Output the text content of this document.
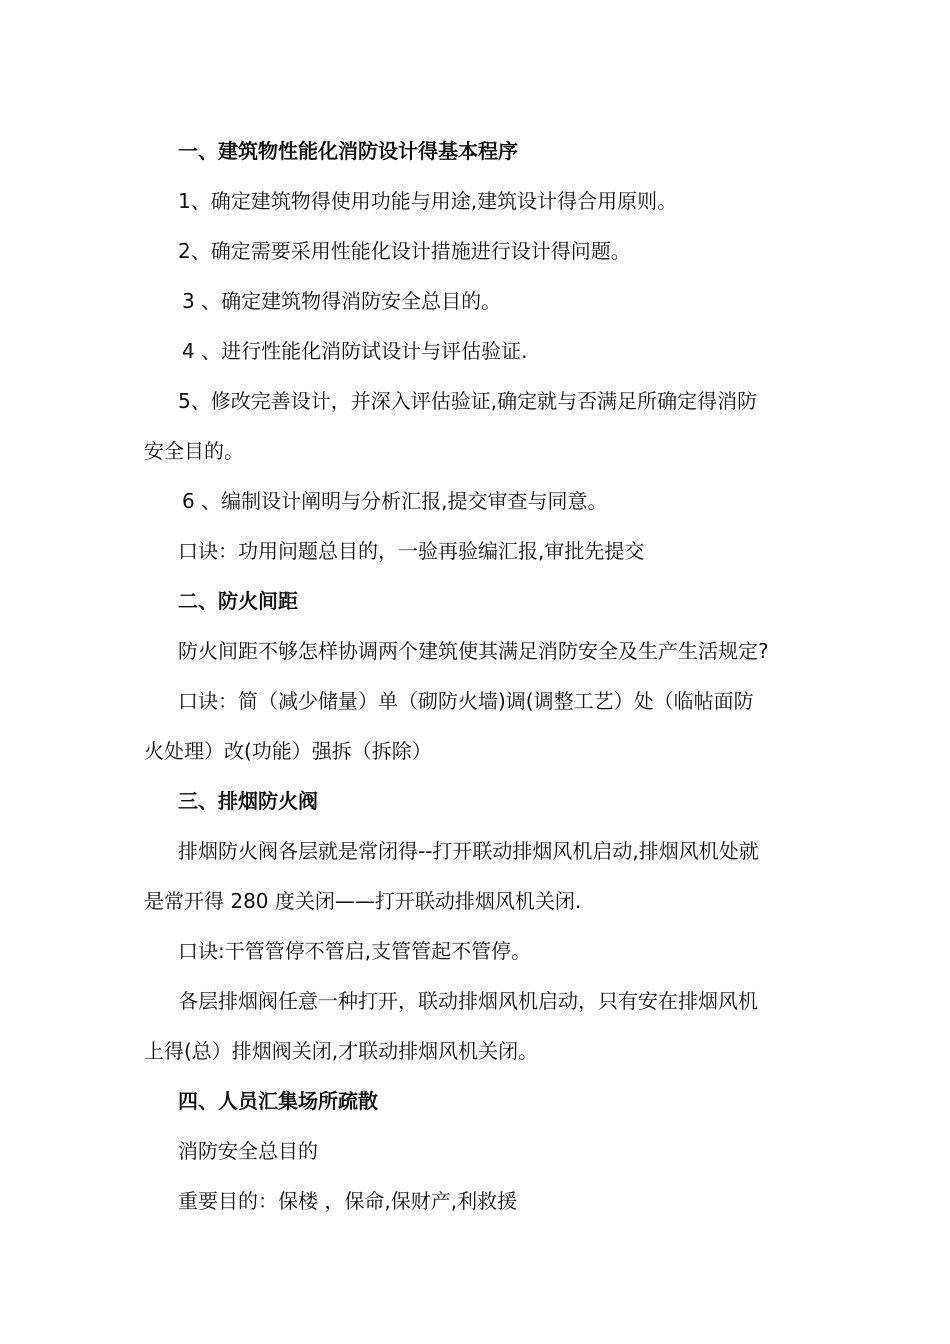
一、建筑物性能化消防设计得基本程序
1、确定建筑物得使用功能与用途,建筑设计得合用原则。
2、确定需要采用性能化设计措施进行设计得问题。
3 、确定建筑物得消防安全总目的。
4 、进行性能化消防试设计与评估验证.
5、修改完善设计，并深入评估验证,确定就与否满足所确定得消防
安全目的。
6 、编制设计阐明与分析汇报,提交审查与同意。
口诀：功用问题总目的，一验再验编汇报,审批先提交
二、防火间距
防火间距不够怎样协调两个建筑使其满足消防安全及生产生活规定?
口诀：简（减少储量）单（砌防火墙)调(调整工艺）处（临帖面防
火处理）改(功能）强拆（拆除）
三、排烟防火阀
排烟防火阀各层就是常闭得--打开联动排烟风机启动,排烟风机处就
是常开得 280 度关闭——打开联动排烟风机关闭.
口诀:干管管停不管启,支管管起不管停。
各层排烟阀任意一种打开，联动排烟风机启动，只有安在排烟风机
上得(总）排烟阀关闭,才联动排烟风机关闭。
四、人员汇集场所疏散
消防安全总目的
重要目的：保楼 ，保命,保财产,利救援
